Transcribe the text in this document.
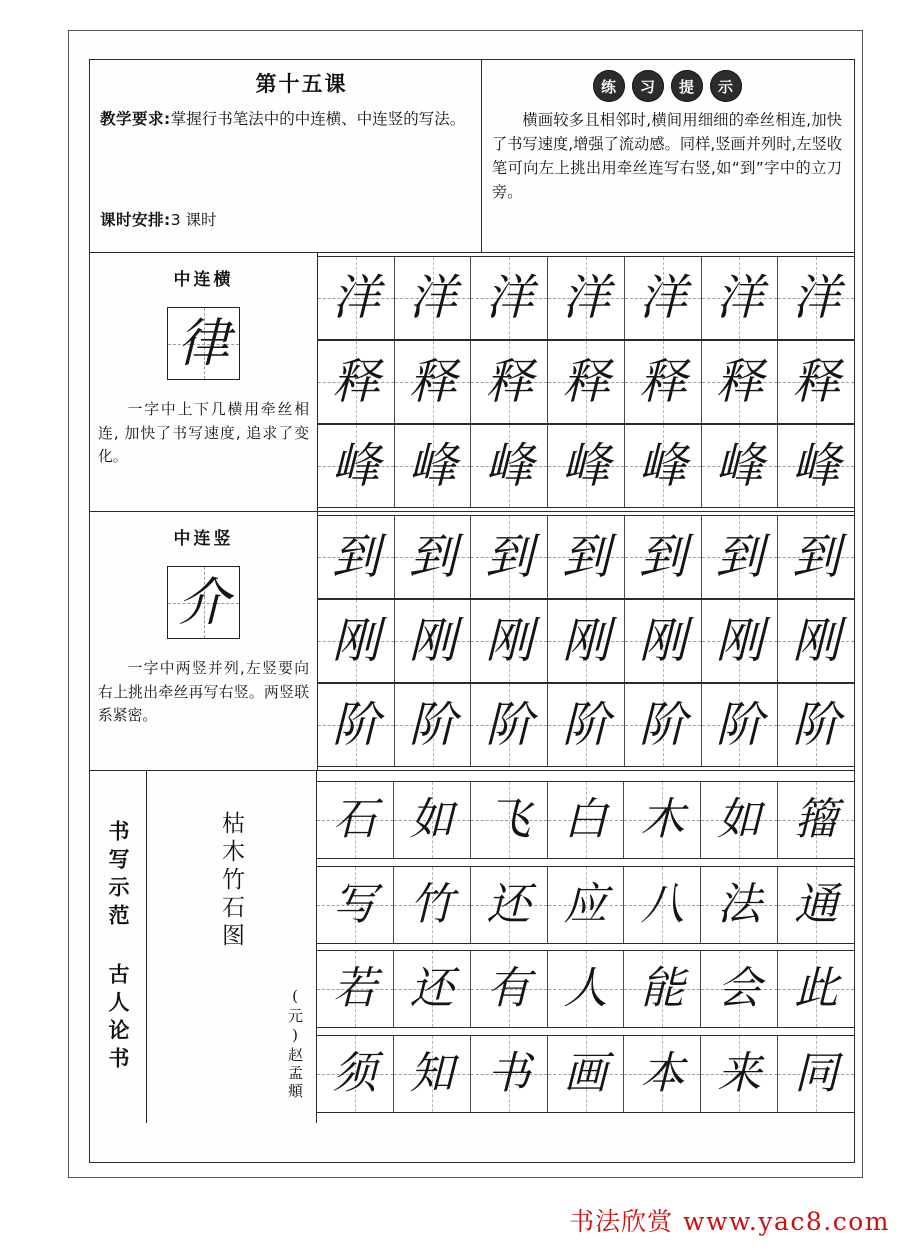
第十五课
教学要求:掌握行书笔法中的中连横、中连竖的写法。
课时安排:3 课时
练	习	提	示
横画较多且相邻时,横间用细细的牵丝相连,加快了书写速度,增强了流动感。同样,竖画并列时,左竖收笔可向左上挑出用牵丝连写右竖,如“到”字中的立刀旁。
中连横
律
一字中上下几横用牵丝相连, 加快了书写速度, 追求了变化。
洋 洋 洋 洋 洋 洋 洋
释 释 释 释 释 释 释
峰 峰 峰 峰 峰 峰 峰
中连竖
介
一字中两竖并列,左竖要向右上挑出牵丝再写右竖。两竖联系紧密。
到 到 到 到 到 到 到
刚 刚 刚 刚 刚 刚 刚
阶 阶 阶 阶 阶 阶 阶
书写示范 古人论书	枯木竹石图
(元)赵孟頫
石 如 飞 白 木 如 籀
写 竹 还 应 八 法 通
若 还 有 人 能 会 此
须 知 书 画 本 来 同
书法欣赏 www.yac8.com
